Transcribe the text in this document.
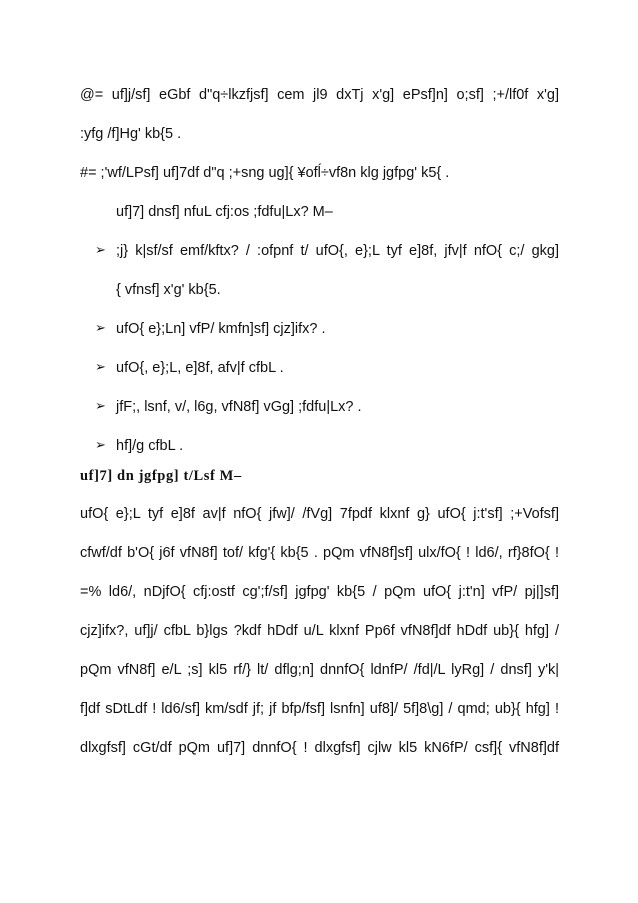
@= uf]j/sf] eGbf d"q÷lkzfjsf] cem jl9 dxTj x'g] ePsf]n] o;sf] ;+/lf0f x'g]
:yfg /f]Hg' kb{5 .
#= ;'wf/LPsf] uf]7df d"q ;+sng ug]{ ¥ofĺ÷vf8n klg jgfpg' k5{ .
uf]7] dnsf] nfuL cfj:os ;fdfu|Lx? M–
➢ ;j} k|sf/sf emf/kftx? / :ofpnf t/ ufO{, e};L tyf e]8f, jfv|f nfO{ c;/ gkg]
{ vfnsf] x'g' kb{5.
➢ ufO{ e};Ln] vfP/ kmfn]sf] cjz]ifx? .
➢ ufO{, e};L, e]8f, afv|f cfbL .
➢ jfF;, lsnf, v/, l6g, vfN8f] vGg] ;fdfu|Lx? .
➢ hf]/g cfbL .
uf]7] dn jgfpg] t/Lsf M–
ufO{ e};L tyf e]8f av|f nfO{ jfw]/ /fVg] 7fpdf klxnf g} ufO{ j:t'sf] ;+Vofsf]
cfwf/df b'O{ j6f vfN8f] tof/ kfg'{ kb{5 . pQm vfN8f]sf] ulx/fO{ ! ld6/, rf}8fO{ !
=% ld6/, nDjfO{ cfj:ostf cg';f/sf] jgfpg' kb{5 / pQm ufO{ j:t'n] vfP/ pj|]sf]
cjz]ifx?, uf]j/ cfbL b}lgs ?kdf hDdf u/L klxnf Pp6f vfN8f]df hDdf ub}{ hfg] /
pQm vfN8f] e/L ;s] kl5 rf/} lt/ dflg;n] dnnfO{ ldnfP/ /fd|/L lyRg] / dnsf] y'k|
f]df sDtLdf ! ld6/sf] km/sdf jf; jf bfp/fsf] lsnfn] uf8]/ 5f]8\g] / qmd; ub}{ hfg] !
dlxgfsf] cGt/df pQm uf]7] dnnfO{ ! dlxgfsf] cjlw kl5 kN6fP/ csf]{ vfN8f]df
